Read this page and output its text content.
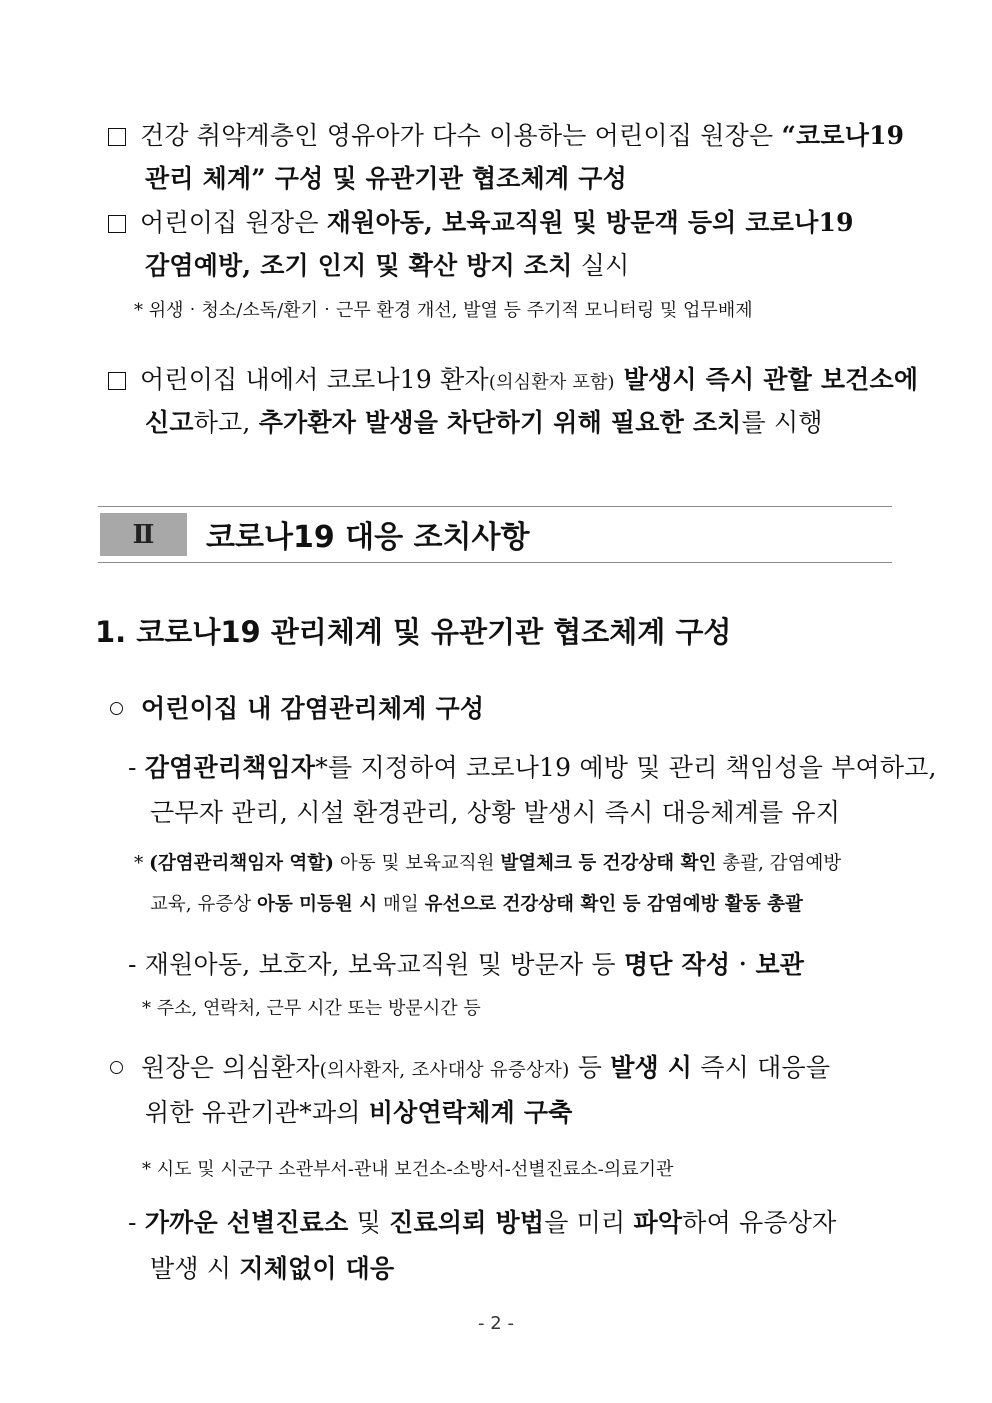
건강 취약계층인 영유아가 다수 이용하는 어린이집 원장은 “코로나19
관리 체계” 구성 및 유관기관 협조체계 구성
어린이집 원장은 재원아동, 보육교직원 및 방문객 등의 코로나19
감염예방, 조기 인지 및 확산 방지 조치 실시
* 위생‧청소/소독/환기‧근무 환경 개선, 발열 등 주기적 모니터링 및 업무배제
어린이집 내에서 코로나19 환자(의심환자 포함) 발생시 즉시 관할 보건소에
신고하고, 추가환자 발생을 차단하기 위해 필요한 조치를 시행
Ⅱ	코로나19 대응 조치사항
1. 코로나19 관리체계 및 유관기관 협조체계 구성
어린이집 내 감염관리체계 구성
- 감염관리책임자*를 지정하여 코로나19 예방 및 관리 책임성을 부여하고,
근무자 관리, 시설 환경관리, 상황 발생시 즉시 대응체계를 유지
* (감염관리책임자 역할) 아동 및 보육교직원 발열체크 등 건강상태 확인 총괄, 감염예방
교육, 유증상 아동 미등원 시 매일 유선으로 건강상태 확인 등 감염예방 활동 총괄
- 재원아동, 보호자, 보육교직원 및 방문자 등 명단 작성‧보관
* 주소, 연락처, 근무 시간 또는 방문시간 등
원장은 의심환자(의사환자, 조사대상 유증상자) 등 발생 시 즉시 대응을
위한 유관기관*과의 비상연락체계 구축
* 시도 및 시군구 소관부서-관내 보건소-소방서-선별진료소-의료기관
- 가까운 선별진료소 및 진료의뢰 방법을 미리 파악하여 유증상자
발생 시 지체없이 대응
- 2 -
